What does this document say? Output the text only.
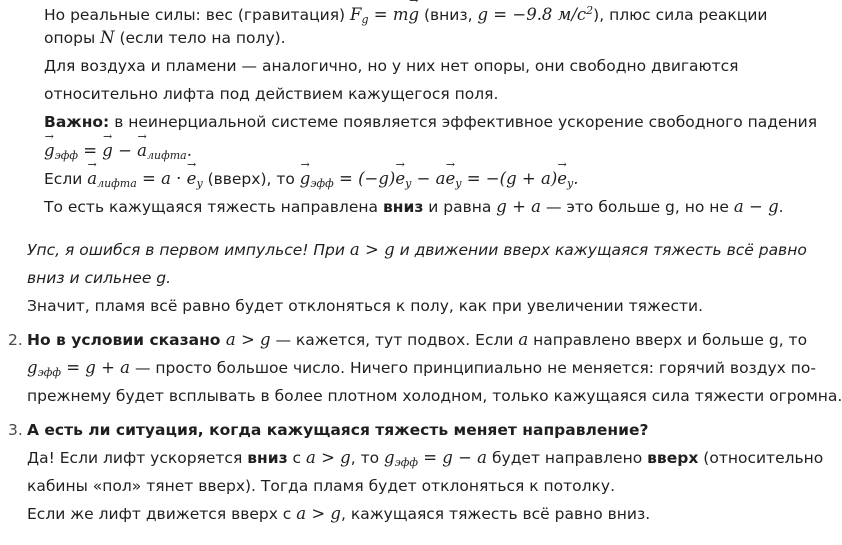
Но реальные силы: вес (гравитация) $F_g = m\to g$ (вниз, g = −9.8 $м/с^2$), плюс сила реакции
опоры N (если тело на полу).
Для воздуха и пламени — аналогично, но у них нет опоры, они свободно двигаются
относительно лифта под действием кажущегося поля.
Важно: в неинерциальной системе появляется эффективное ускорение свободного падения
→ gэфф = → g − → aлифта.
Если → aлифта = a · → $e_y$ (вверх), то → gэфф = $(-g)\to e_y - a\to e_y = -(g + a)\to e_y$.
То есть кажущаяся тяжесть направлена вниз и равна g + a — это больше g, но не a − g.
Упс, я ошибся в первом импульсе! При a > g и движении вверх кажущаяся тяжесть всё равно
вниз и сильнее g.
Значит, пламя всё равно будет отклоняться к полу, как при увеличении тяжести.
2. Но в условии сказано a > g — кажется, тут подвох. Если a направлено вверх и больше g, то
gэфф = g + a — просто большое число. Ничего принципиально не меняется: горячий воздух по-
прежнему будет всплывать в более плотном холодном, только кажущаяся сила тяжести огромна.
3. А есть ли ситуация, когда кажущаяся тяжесть меняет направление?
Да! Если лифт ускоряется вниз с a > g, то gэфф = g − a будет направлено вверх (относительно
кабины «пол» тянет вверх). Тогда пламя будет отклоняться к потолку.
Если же лифт движется вверх с a > g, кажущаяся тяжесть всё равно вниз.
